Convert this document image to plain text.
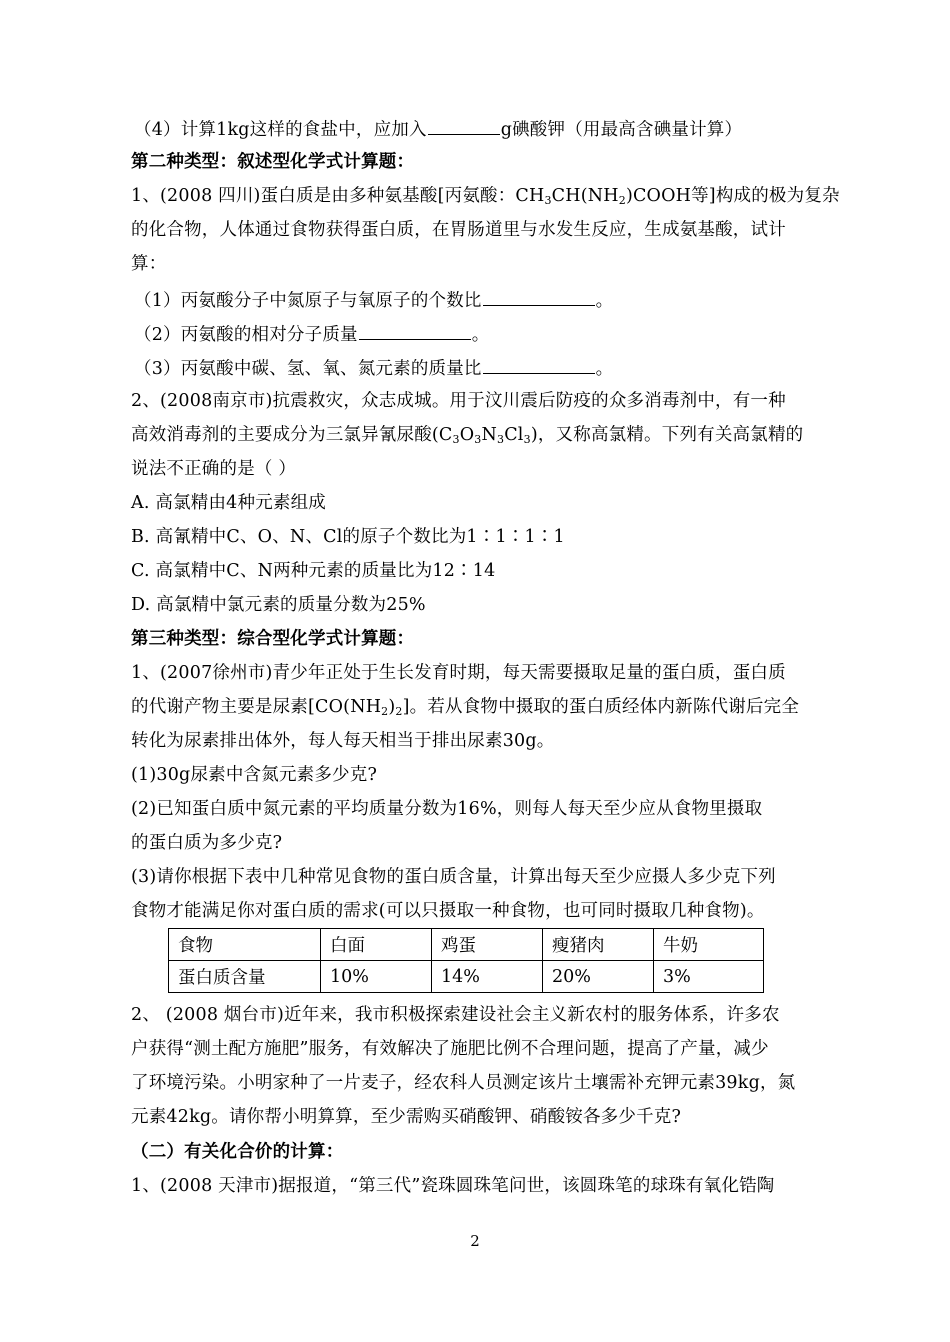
（4）计算1kg这样的食盐中，应加入	g碘酸钾（用最高含碘量计算）
第二种类型：叙述型化学式计算题：
1、(2008 四川)蛋白质是由多种氨基酸[丙氨酸：$CH_3CH(NH_2)COOH$等]构成的极为复杂
的化合物，人体通过食物获得蛋白质，在胃肠道里与水发生反应，生成氨基酸，试计
算：
（1）丙氨酸分子中氮原子与氧原子的个数比	。
（2）丙氨酸的相对分子质量	。
（3）丙氨酸中碳、氢、氧、氮元素的质量比	。
2、(2008南京市)抗震救灾，众志成城。用于汶川震后防疫的众多消毒剂中，有一种
高效消毒剂的主要成分为三氯异氰尿酸$(C_3O_3N_3Cl_3)$，又称高氯精。下列有关高氯精的
说法不正确的是（ ）
A. 高氯精由4种元素组成
B. 高氰精中C、O、N、Cl的原子个数比为1∶1∶1∶1
C. 高氯精中C、N两种元素的质量比为12∶14
D. 高氯精中氯元素的质量分数为25%
第三种类型：综合型化学式计算题：
1、(2007徐州市)青少年正处于生长发育时期，每天需要摄取足量的蛋白质，蛋白质
的代谢产物主要是尿素$[CO(NH_2)_2]$。若从食物中摄取的蛋白质经体内新陈代谢后完全
转化为尿素排出体外，每人每天相当于排出尿素30g。
(1)30g尿素中含氮元素多少克?
(2)已知蛋白质中氮元素的平均质量分数为16%，则每人每天至少应从食物里摄取
的蛋白质为多少克?
(3)请你根据下表中几种常见食物的蛋白质含量，计算出每天至少应摄人多少克下列
食物才能满足你对蛋白质的需求(可以只摄取一种食物，也可同时摄取几种食物)。
食物	白面	鸡蛋	瘦猪肉	牛奶
蛋白质含量	10%	14%	20%	3%
2、 (2008 烟台市)近年来，我市积极探索建设社会主义新农村的服务体系，许多农
户获得“测土配方施肥”服务，有效解决了施肥比例不合理问题，提高了产量，减少
了环境污染。小明家种了一片麦子，经农科人员测定该片土壤需补充钾元素39kg，氮
元素42kg。请你帮小明算算，至少需购买硝酸钾、硝酸铵各多少千克?
（二）有关化合价的计算：
1、(2008 天津市)据报道，“第三代”瓷珠圆珠笔问世，该圆珠笔的球珠有氧化锆陶
2
